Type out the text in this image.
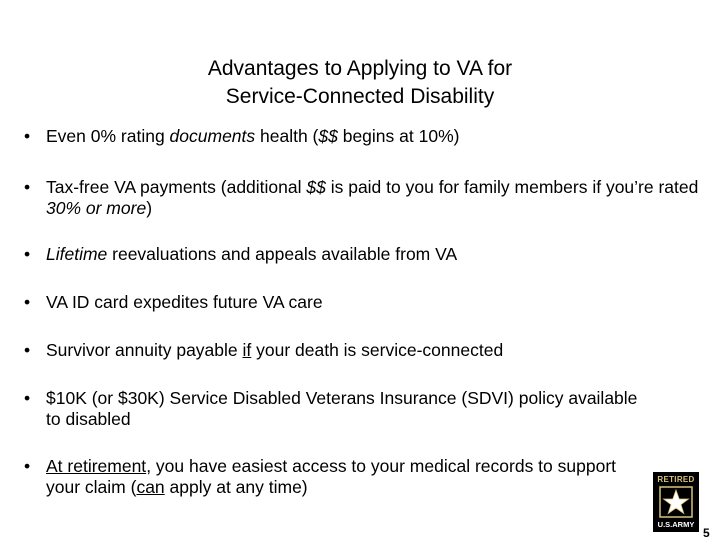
Advantages to Applying to VA for
Service-Connected Disability
• Even 0% rating documents health ($$ begins at 10%)
• Tax-free VA payments (additional $$ is paid to you for family members if you’re rated 30% or more)
• Lifetime reevaluations and appeals available from VA
• VA ID card expedites future VA care
• Survivor annuity payable if your death is service-connected
• $10K (or $30K) Service Disabled Veterans Insurance (SDVI) policy available to disabled
• At retirement, you have easiest access to your medical records to support your claim (can apply at any time)	RETIRED
U.S.ARMY
5
